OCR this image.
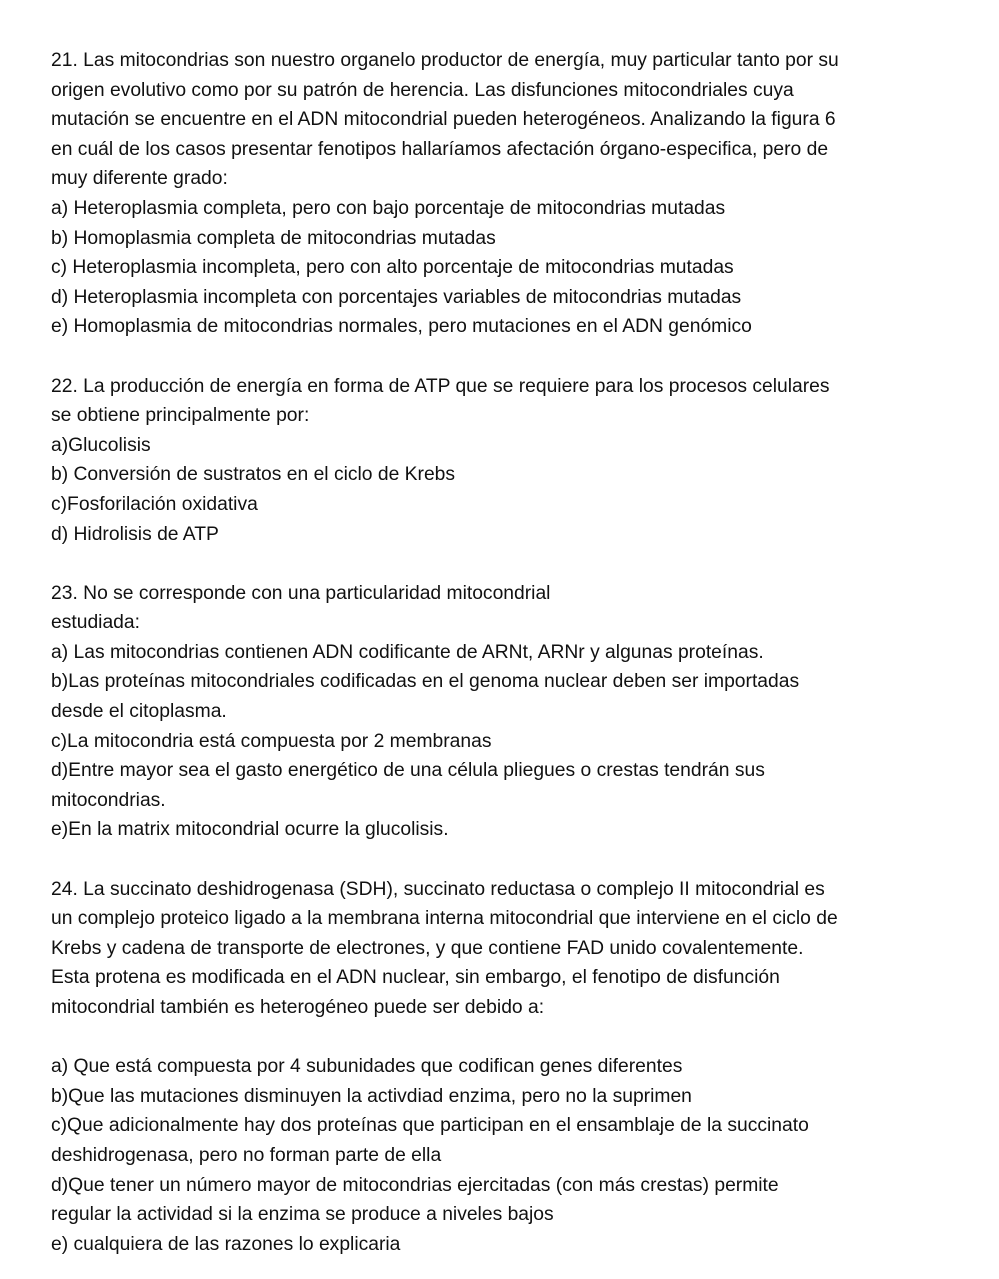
21. Las mitocondrias son nuestro organelo productor de energía, muy particular tanto por su
origen evolutivo como por su patrón de herencia. Las disfunciones mitocondriales cuya
mutación se encuentre en el ADN mitocondrial pueden heterogéneos. Analizando la figura 6
en cuál de los casos presentar fenotipos hallaríamos afectación órgano-especifica, pero de
muy diferente grado:
a) Heteroplasmia completa, pero con bajo porcentaje de mitocondrias mutadas
b) Homoplasmia completa de mitocondrias mutadas
c) Heteroplasmia incompleta, pero con alto porcentaje de mitocondrias mutadas
d) Heteroplasmia incompleta con porcentajes variables de mitocondrias mutadas
e) Homoplasmia de mitocondrias normales, pero mutaciones en el ADN genómico
22. La producción de energía en forma de ATP que se requiere para los procesos celulares
se obtiene principalmente por:
a)Glucolisis
b) Conversión de sustratos en el ciclo de Krebs
c)Fosforilación oxidativa
d) Hidrolisis de ATP
23. No se corresponde con una particularidad mitocondrial
estudiada:
a) Las mitocondrias contienen ADN codificante de ARNt, ARNr y algunas proteínas.
b)Las proteínas mitocondriales codificadas en el genoma nuclear deben ser importadas
desde el citoplasma.
c)La mitocondria está compuesta por 2 membranas
d)Entre mayor sea el gasto energético de una célula pliegues o crestas tendrán sus
mitocondrias.
e)En la matrix mitocondrial ocurre la glucolisis.
24. La succinato deshidrogenasa (SDH), succinato reductasa o complejo II mitocondrial es
un complejo proteico ligado a la membrana interna mitocondrial que interviene en el ciclo de
Krebs y cadena de transporte de electrones, y que contiene FAD unido covalentemente.
Esta protena es modificada en el ADN nuclear, sin embargo, el fenotipo de disfunción
mitocondrial también es heterogéneo puede ser debido a:
a) Que está compuesta por 4 subunidades que codifican genes diferentes
b)Que las mutaciones disminuyen la activdiad enzima, pero no la suprimen
c)Que adicionalmente hay dos proteínas que participan en el ensamblaje de la succinato
deshidrogenasa, pero no forman parte de ella
d)Que tener un número mayor de mitocondrias ejercitadas (con más crestas) permite
regular la actividad si la enzima se produce a niveles bajos
e) cualquiera de las razones lo explicaria
